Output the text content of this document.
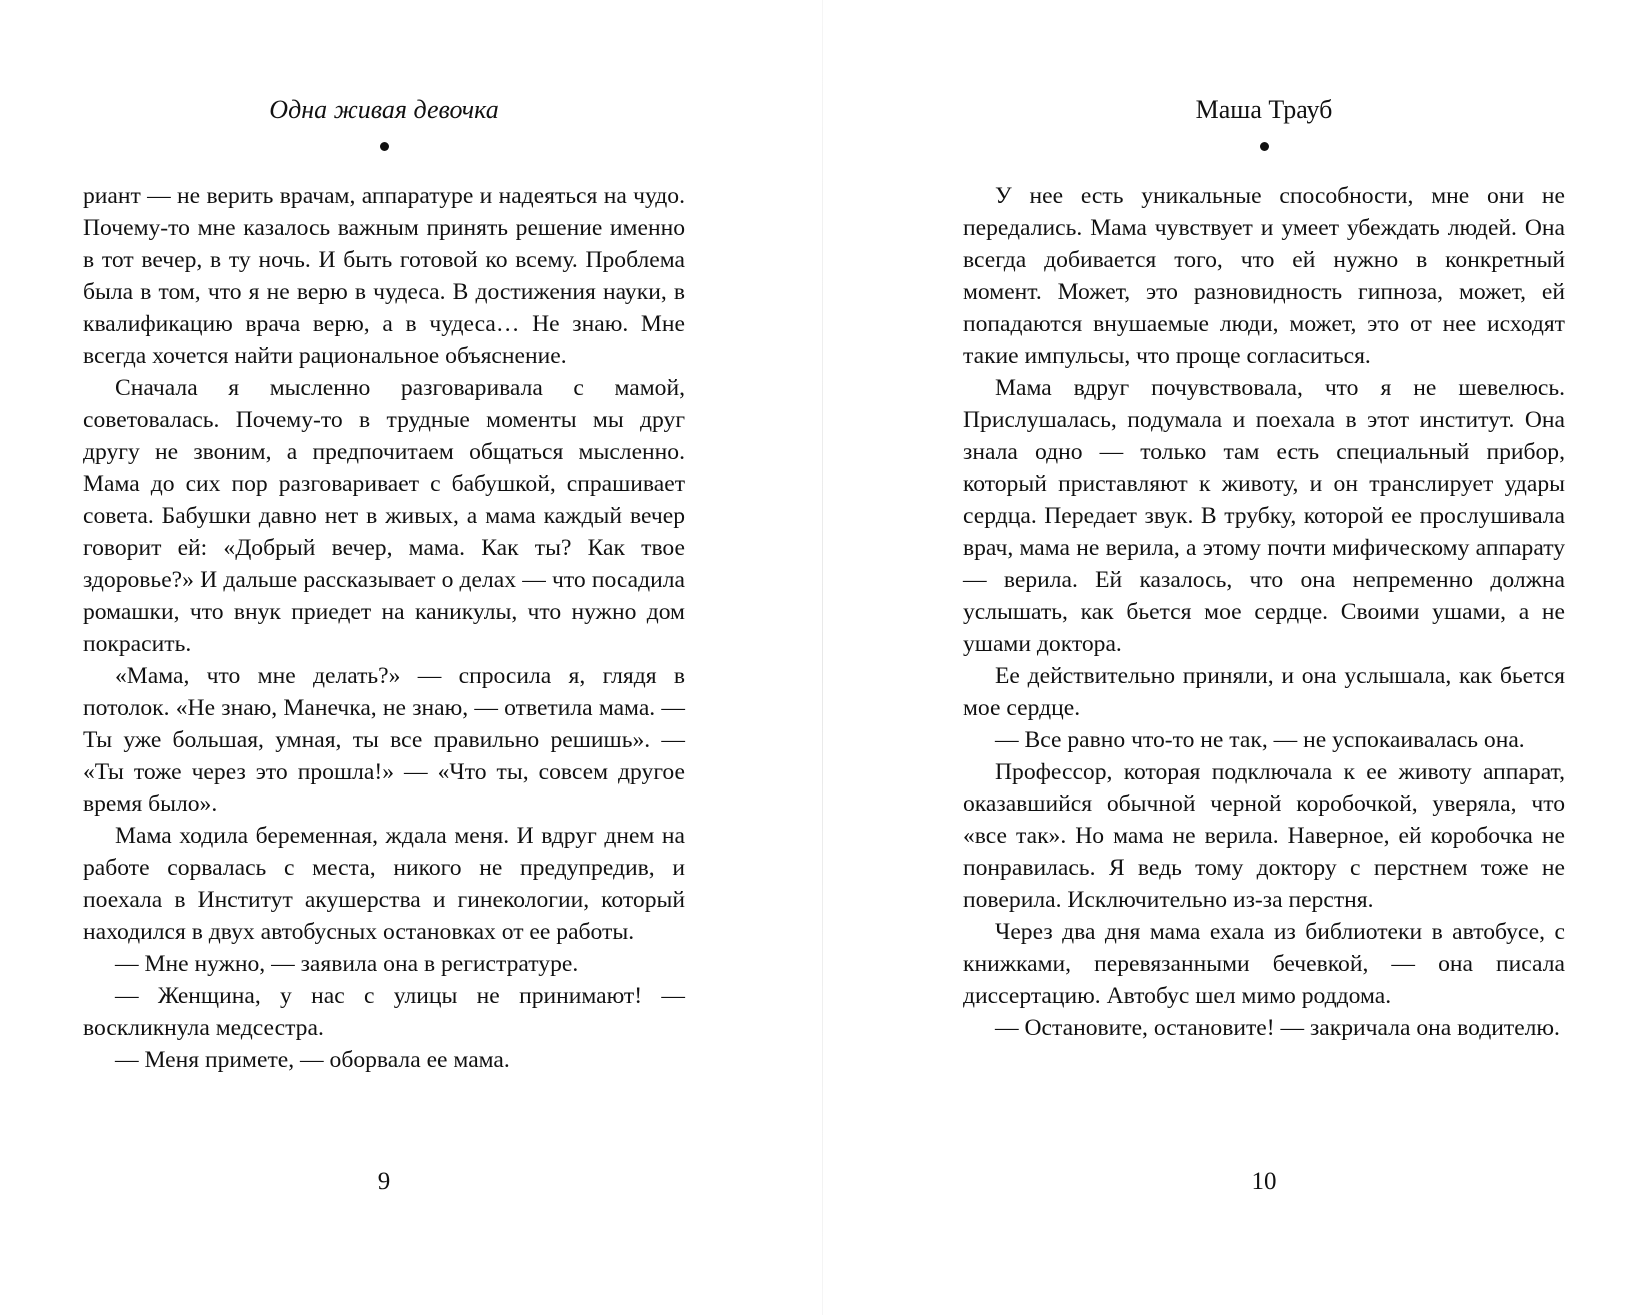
Одна живая девочка

риант — не верить врачам, аппаратуре и надеяться на чудо. Почему-то мне казалось важным принять решение именно в тот вечер, в ту ночь. И быть готовой ко всему. Проблема была в том, что я не верю в чудеса. В достижения науки, в квалификацию врача верю, а в чудеса… Не знаю. Мне всегда хочется найти рациональное объяснение.

Сначала я мысленно разговаривала с мамой, советовалась. Почему-то в трудные моменты мы друг другу не звоним, а предпочитаем общаться мысленно. Мама до сих пор разговаривает с бабушкой, спрашивает совета. Бабушки давно нет в живых, а мама каждый вечер говорит ей: «Добрый вечер, мама. Как ты? Как твое здоровье?» И дальше рассказывает о делах — что посадила ромашки, что внук приедет на каникулы, что нужно дом покрасить.

«Мама, что мне делать?» — спросила я, глядя в потолок. «Не знаю, Манечка, не знаю, — ответила мама. — Ты уже большая, умная, ты все правильно решишь». — «Ты тоже через это прошла!» — «Что ты, совсем другое время было».

Мама ходила беременная, ждала меня. И вдруг днем на работе сорвалась с места, никого не предупредив, и поехала в Институт акушерства и гинекологии, который находился в двух автобусных остановках от ее работы.

— Мне нужно, — заявила она в регистратуре.

— Женщина, у нас с улицы не принимают! — воскликнула медсестра.

— Меня примете, — оборвала ее мама.

9
Маша Трауб

У нее есть уникальные способности, мне они не передались. Мама чувствует и умеет убеждать людей. Она всегда добивается того, что ей нужно в конкретный момент. Может, это разновидность гипноза, может, ей попадаются внушаемые люди, может, это от нее исходят такие импульсы, что проще согласиться.

Мама вдруг почувствовала, что я не шевелюсь. Прислушалась, подумала и поехала в этот институт. Она знала одно — только там есть специальный прибор, который приставляют к животу, и он транслирует удары сердца. Передает звук. В трубку, которой ее прослушивала врач, мама не верила, а этому почти мифическому аппарату — верила. Ей казалось, что она непременно должна услышать, как бьется мое сердце. Своими ушами, а не ушами доктора.

Ее действительно приняли, и она услышала, как бьется мое сердце.

— Все равно что-то не так, — не успокаивалась она.

Профессор, которая подключала к ее животу аппарат, оказавшийся обычной черной коробочкой, уверяла, что «все так». Но мама не верила. Наверное, ей коробочка не понравилась. Я ведь тому доктору с перстнем тоже не поверила. Исключительно из-за перстня.

Через два дня мама ехала из библиотеки в автобусе, с книжками, перевязанными бечевкой, — она писала диссертацию. Автобус шел мимо роддома.

— Остановите, остановите! — закричала она водителю.

10
